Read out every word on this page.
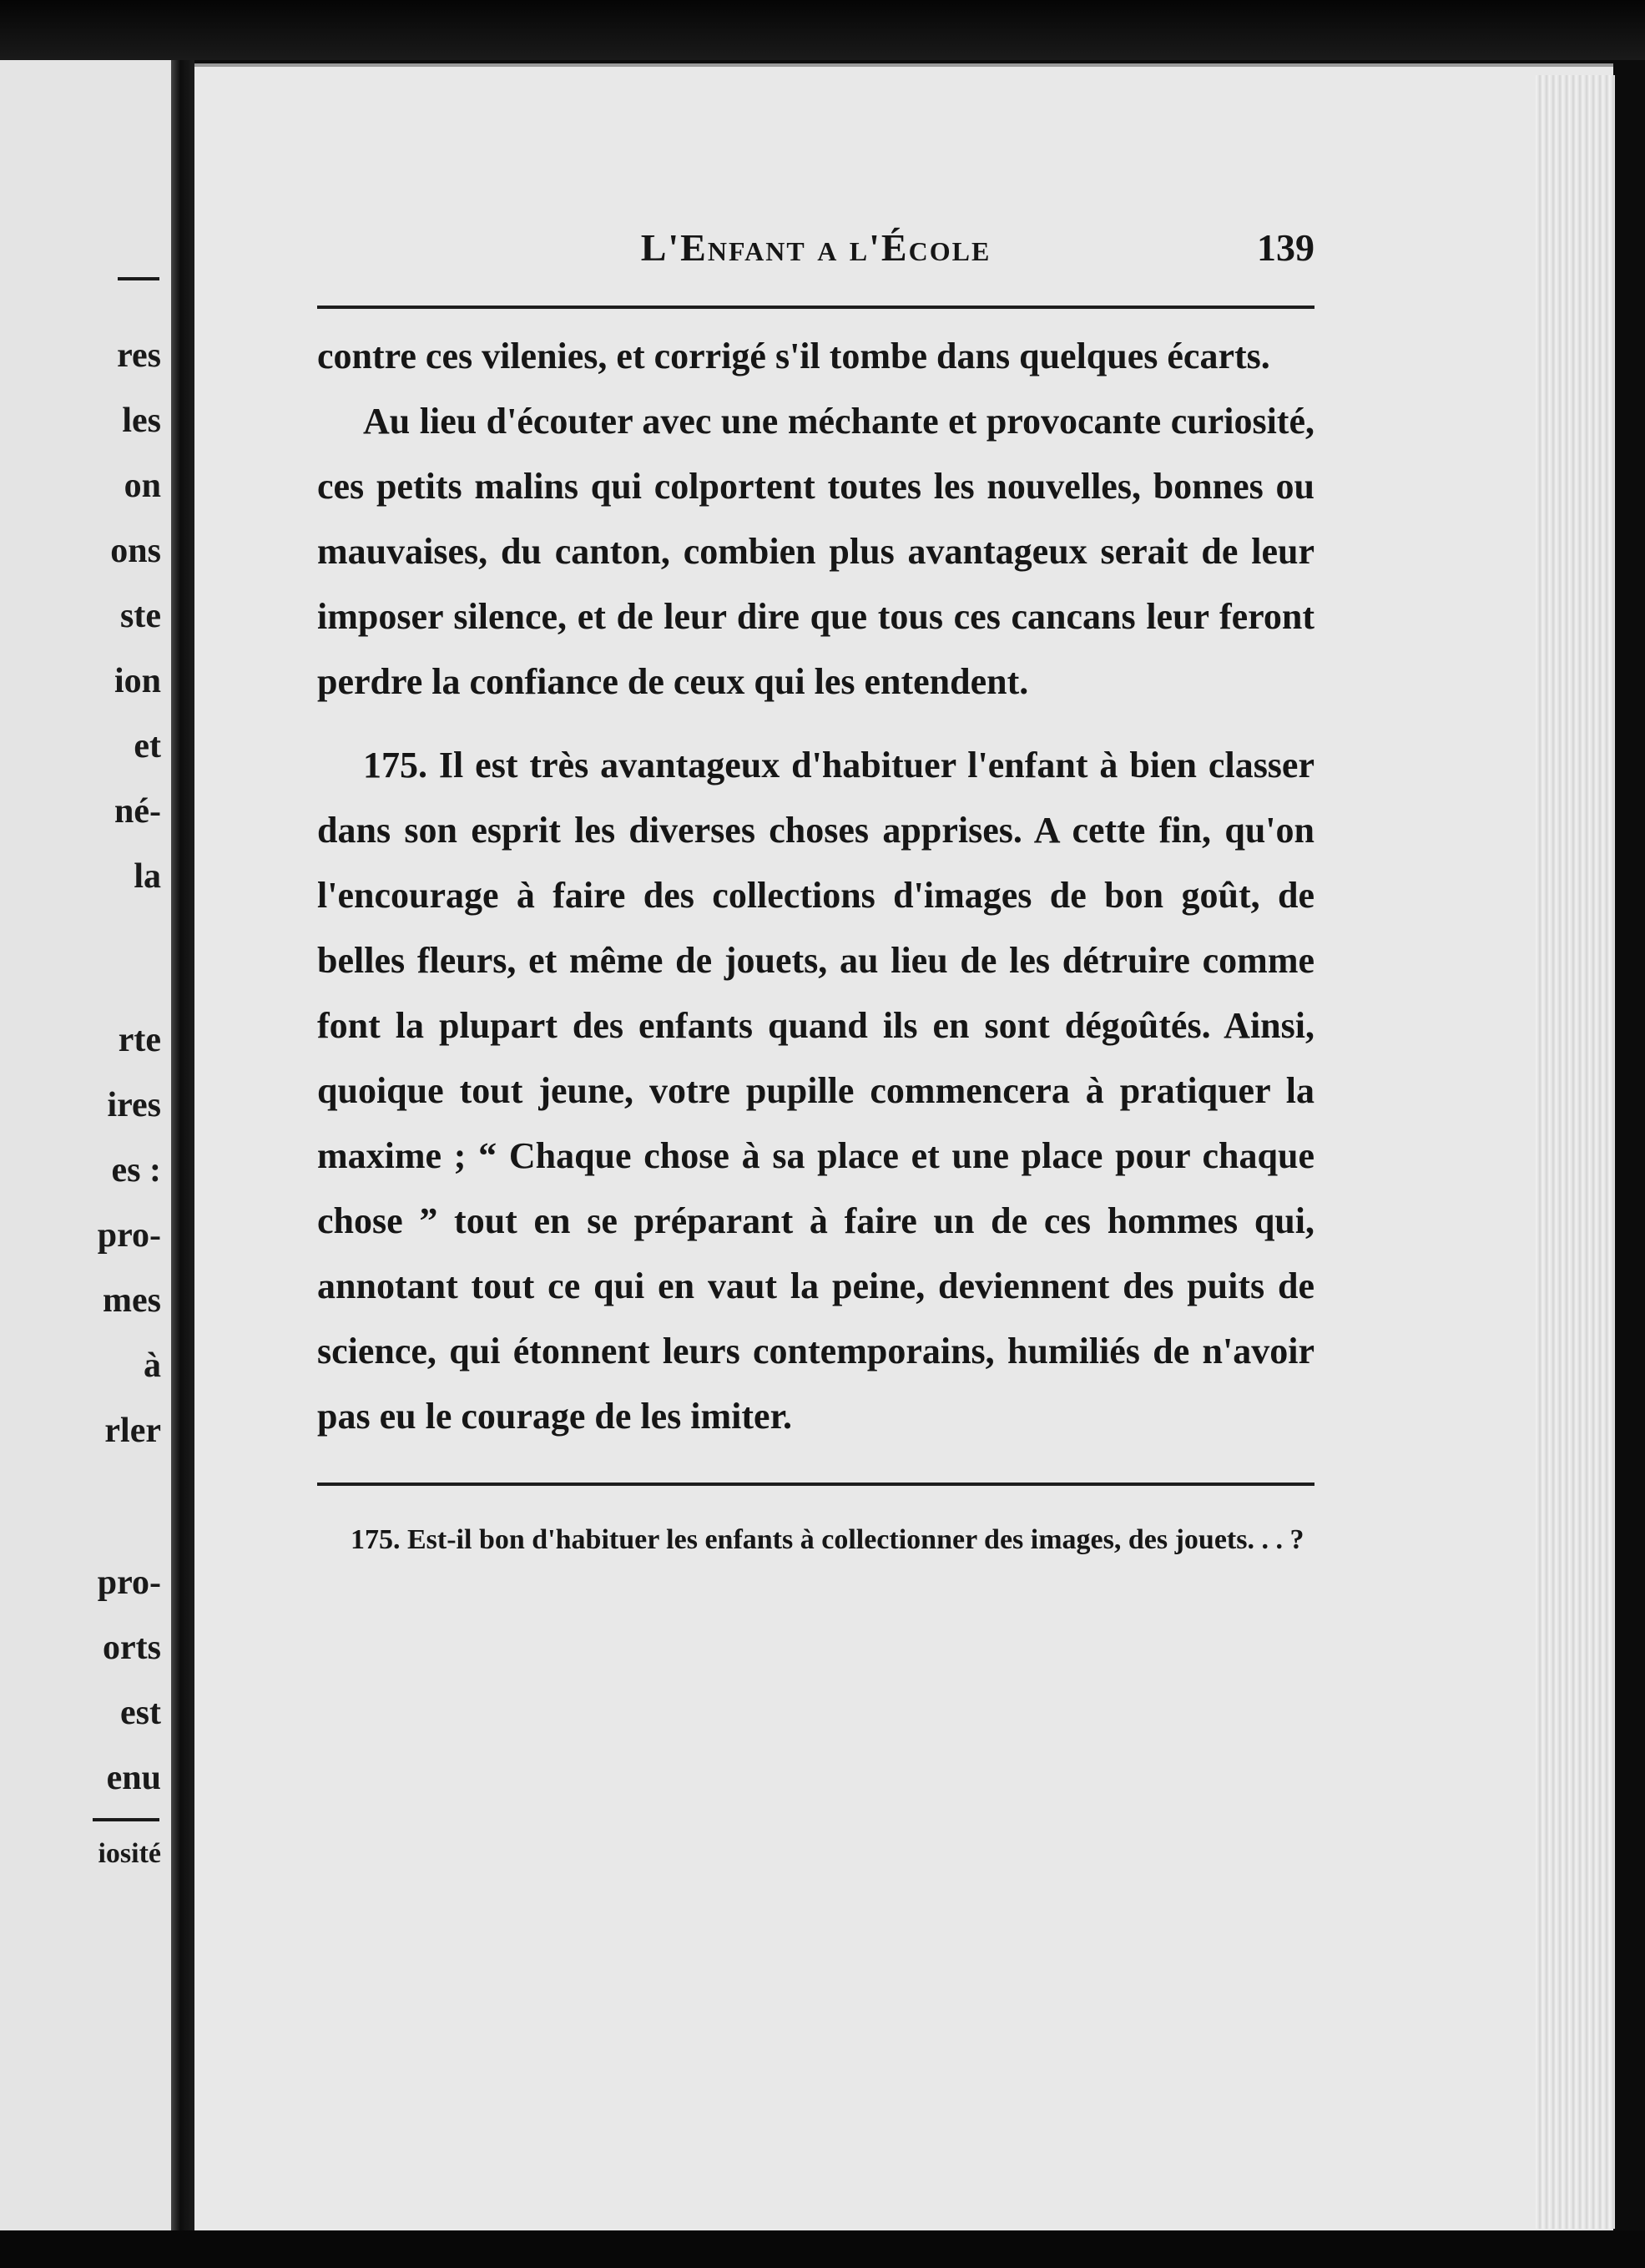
res
les
on
ons
ste
ion
et
né-
la
rte
ires
es :
pro-
mes
à
rler
pro-
orts
est
enu
iosité
L'Enfant a l'École	139

contre ces vilenies, et corrigé s'il tombe dans quelques écarts.

Au lieu d'écouter avec une méchante et provocante curiosité, ces petits malins qui colportent toutes les nouvelles, bonnes ou mauvaises, du canton, combien plus avantageux serait de leur imposer silence, et de leur dire que tous ces cancans leur feront perdre la confiance de ceux qui les entendent.

175. Il est très avantageux d'habituer l'enfant à bien classer dans son esprit les diverses choses apprises. A cette fin, qu'on l'encourage à faire des collections d'images de bon goût, de belles fleurs, et même de jouets, au lieu de les détruire comme font la plupart des enfants quand ils en sont dégoûtés. Ainsi, quoique tout jeune, votre pupille commencera à pratiquer la maxime ; “ Chaque chose à sa place et une place pour chaque chose ” tout en se préparant à faire un de ces hommes qui, annotant tout ce qui en vaut la peine, deviennent des puits de science, qui étonnent leurs contemporains, humiliés de n'avoir pas eu le courage de les imiter.

175. Est-il bon d'habituer les enfants à collectionner des images, des jouets. . . ?
